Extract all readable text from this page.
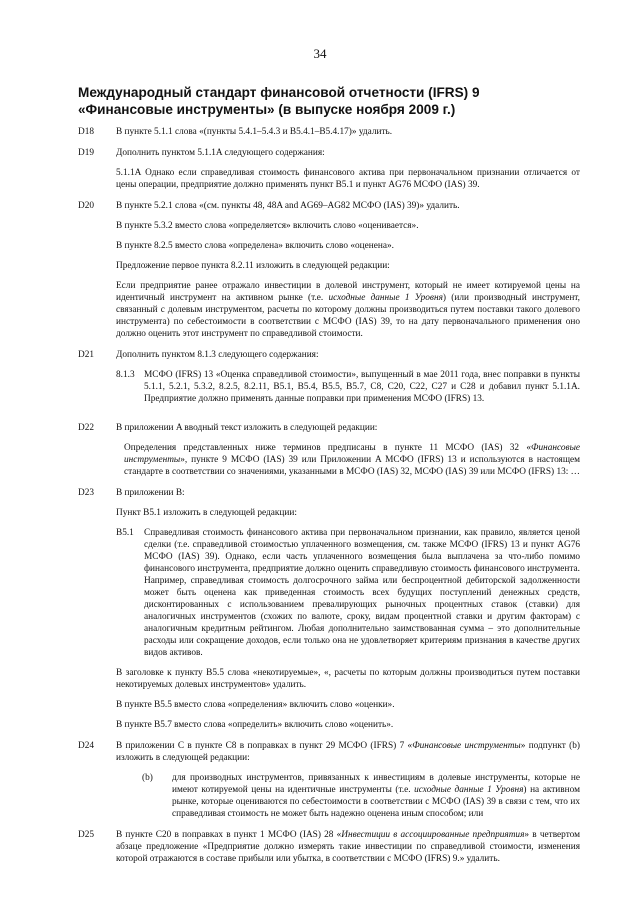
34
Международный стандарт финансовой отчетности (IFRS) 9
«Финансовые инструменты» (в выпуске ноября 2009 г.)
D18	В пункте 5.1.1 слова «(пункты 5.4.1–5.4.3 и B5.4.1–B5.4.17)» удалить.

D19	Дополнить пунктом 5.1.1A следующего содержания:

5.1.1A Однако если справедливая стоимость финансового актива при первоначальном признании отличается от цены операции, предприятие должно применять пункт B5.1 и пункт AG76 МСФО (IAS) 39.

D20	В пункте 5.2.1 слова «(см. пункты 48, 48A and AG69–AG82 МСФО (IAS) 39)» удалить.

В пункте 5.3.2 вместо слова «определяется» включить слово «оценивается».

В пункте 8.2.5 вместо слова «определена» включить слово «оценена».

Предложение первое пункта 8.2.11 изложить в следующей редакции:

Если предприятие ранее отражало инвестиции в долевой инструмент, который не имеет котируемой цены на идентичный инструмент на активном рынке (т.е. исходные данные 1 Уровня) (или производный инструмент, связанный с долевым инструментом, расчеты по которому должны производиться путем поставки такого долевого инструмента) по себестоимости в соответствии с МСФО (IAS) 39, то на дату первоначального применения оно должно оценить этот инструмент по справедливой стоимости.

D21	Дополнить пунктом 8.1.3 следующего содержания:

8.1.3	МСФО (IFRS) 13 «Оценка справедливой стоимости», выпущенный в мае 2011 года, внес поправки в пункты 5.1.1, 5.2.1, 5.3.2, 8.2.5, 8.2.11, B5.1, B5.4, B5.5, B5.7, C8, C20, C22, C27 и C28 и добавил пункт 5.1.1A. Предприятие должно применять данные поправки при применения МСФО (IFRS) 13.
D22	В приложении A вводный текст изложить в следующей редакции:

Определения представленных ниже терминов предписаны в пункте 11 МСФО (IAS) 32 «Финансовые инструменты», пункте 9 МСФО (IAS) 39 или Приложении A МСФО (IFRS) 13 и используются в настоящем стандарте в соответствии со значениями, указанными в МСФО (IAS) 32, МСФО (IAS) 39 или МСФО (IFRS) 13: …

D23	В приложении B:

Пункт B5.1 изложить в следующей редакции:

B5.1	Справедливая стоимость финансового актива при первоначальном признании, как правило, является ценой сделки (т.е. справедливой стоимостью уплаченного возмещения, см. также МСФО (IFRS) 13 и пункт AG76 МСФО (IAS) 39). Однако, если часть уплаченного возмещения была выплачена за что-либо помимо финансового инструмента, предприятие должно оценить справедливую стоимость финансового инструмента. Например, справедливая стоимость долгосрочного займа или беспроцентной дебиторской задолженности может быть оценена как приведенная стоимость всех будущих поступлений денежных средств, дисконтированных с использованием превалирующих рыночных процентных ставок (ставки) для аналогичных инструментов (схожих по валюте, сроку, видам процентной ставки и другим факторам) с аналогичным кредитным рейтингом. Любая дополнительно заимствованная сумма – это дополнительные расходы или сокращение доходов, если только она не удовлетворяет критериям признания в качестве других видов активов.

В заголовке к пункту B5.5 слова «некотируемые», «, расчеты по которым должны производиться путем поставки некотируемых долевых инструментов» удалить.

В пункте B5.5 вместо слова «определения» включить слово «оценки».

В пункте B5.7 вместо слова «определить» включить слово «оценить».

D24	В приложении C в пункте C8 в поправках в пункт 29 МСФО (IFRS) 7 «Финансовые инструменты» подпункт (b) изложить в следующей редакции:

(b)	для производных инструментов, привязанных к инвестициям в долевые инструменты, которые не имеют котируемой цены на идентичные инструменты (т.е. исходные данные 1 Уровня) на активном рынке, которые оцениваются по себестоимости в соответствии с МСФО (IAS) 39 в связи с тем, что их справедливая стоимость не может быть надежно оценена иным способом; или
D25	В пункте C20 в поправках в пункт 1 МСФО (IAS) 28 «Инвестиции в ассоциированные предприятия» в четвертом абзаце предложение «Предприятие должно измерять такие инвестиции по справедливой стоимости, изменения которой отражаются в составе прибыли или убытка, в соответствии с МСФО (IFRS) 9.» удалить.
